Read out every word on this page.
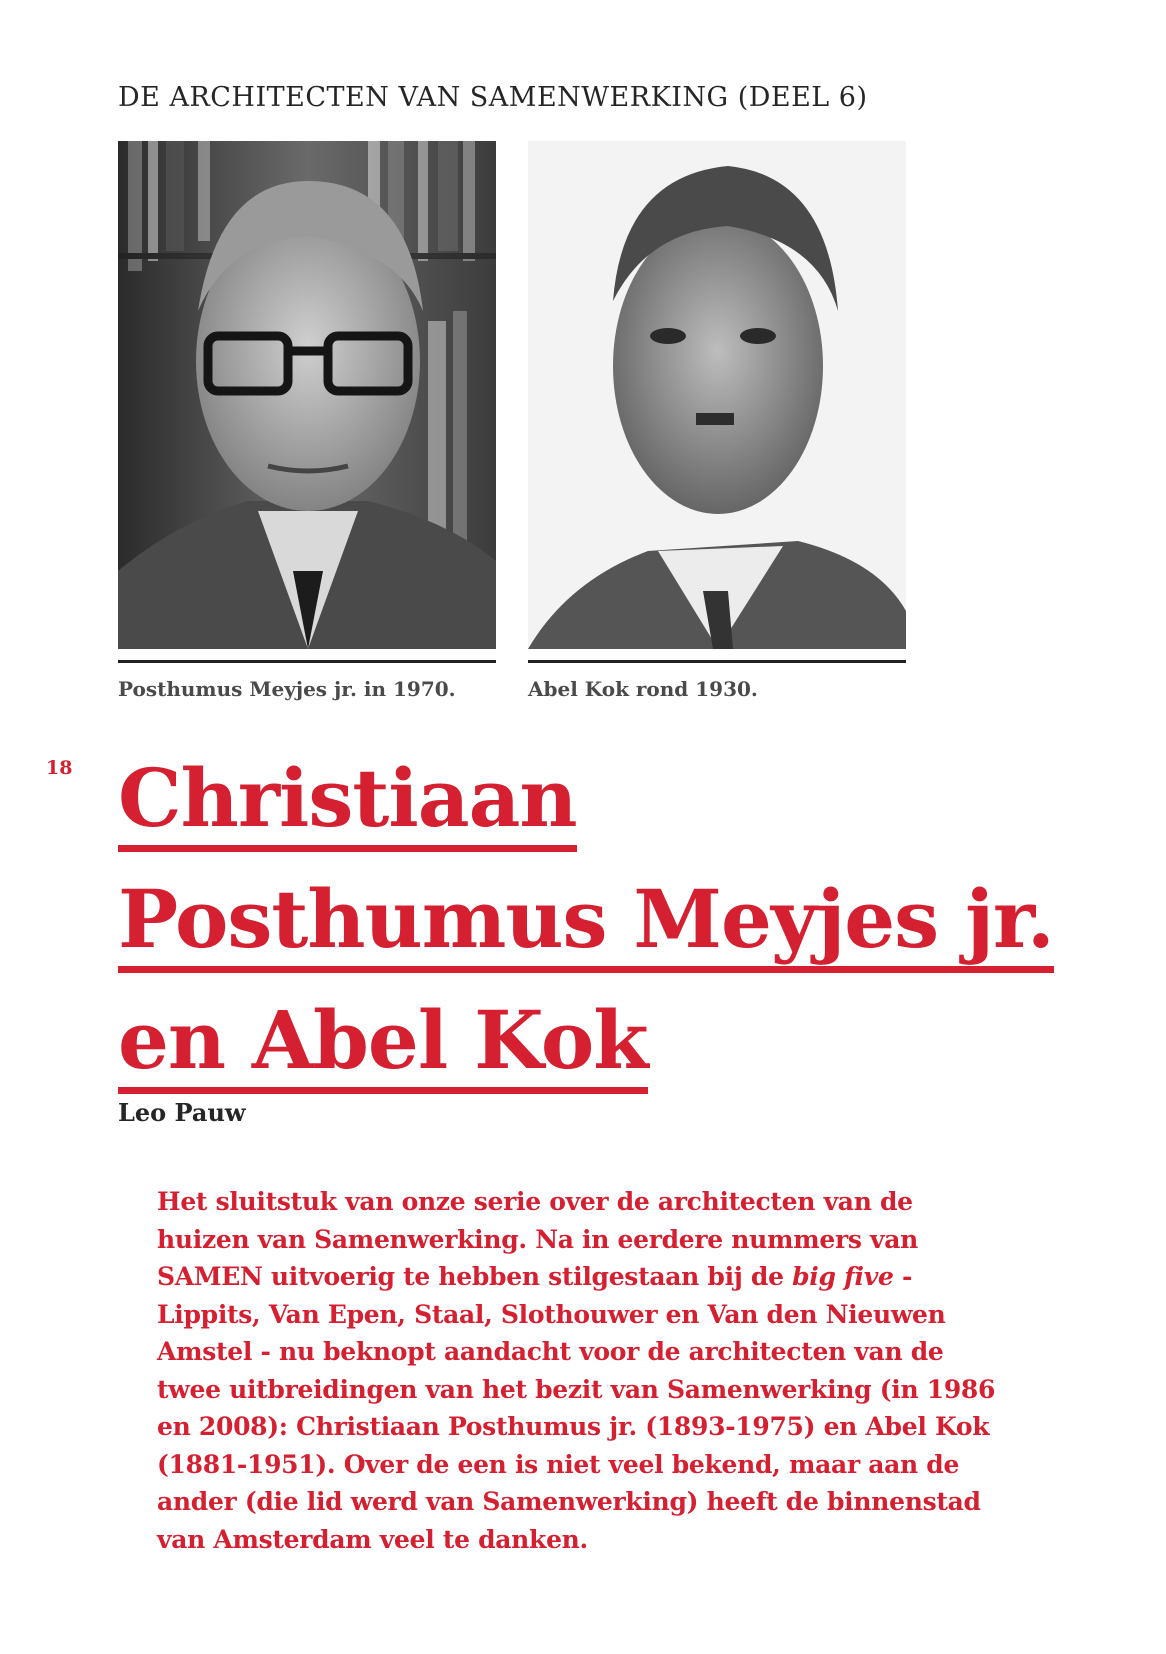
DE ARCHITECTEN VAN SAMENWERKING (DEEL 6)
Posthumus Meyjes jr. in 1970.	Abel Kok rond 1930.
18 Christiaan
Posthumus Meyjes jr.
en Abel Kok
Leo Pauw

Het sluitstuk van onze serie over de architecten van de huizen van Samenwerking. Na in eerdere nummers van SAMEN uitvoerig te hebben stilgestaan bij de big five - Lippits, Van Epen, Staal, Slothouwer en Van den Nieuwen Amstel - nu beknopt aandacht voor de architecten van de twee uitbreidingen van het bezit van Samenwerking (in 1986 en 2008): Christiaan Posthumus jr. (1893-1975) en Abel Kok (1881-1951). Over de een is niet veel bekend, maar aan de ander (die lid werd van Samenwerking) heeft de binnenstad van Amsterdam veel te danken.
